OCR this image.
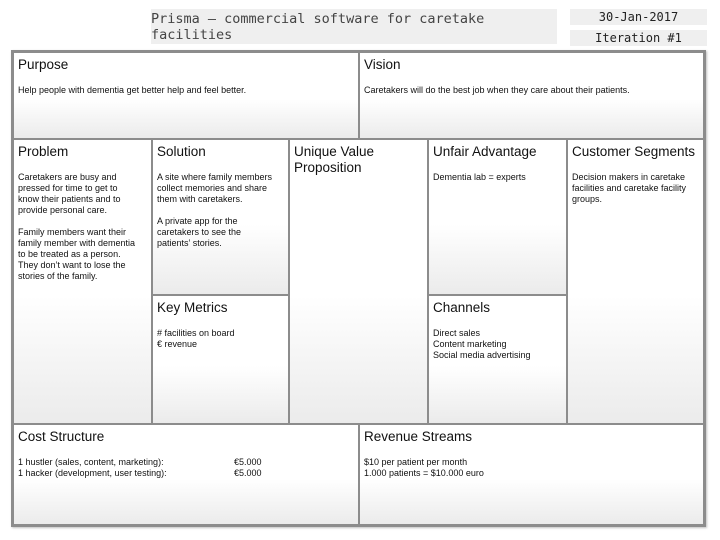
Prisma – commercial software for caretake facilities
30-Jan-2017
Iteration #1
Purpose

Help people with dementia get better help and feel better.

Vision

Caretakers will do the best job when they care about their patients.

Problem

Caretakers are busy and

pressed for time to get to

know their patients and to

provide personal care.

Family members want their

family member with dementia

to be treated as a person.

They don’t want to lose the

stories of the family.

Solution

A site where family members

collect memories and share

them with caretakers.

A private app for the

caretakers to see the

patients’ stories.

Key Metrics

# facilities on board

€ revenue

Unique Value
Proposition
Unfair Advantage

Dementia lab = experts

Channels

Direct sales

Content marketing

Social media advertising

Customer Segments

Decision makers in caretake

facilities and caretake facility

groups.

Cost Structure
1 hustler (sales, content, marketing):	€5.000
1 hacker (development, user testing):	€5.000
Revenue Streams

$10 per patient per month

1.000 patients = $10.000 euro
